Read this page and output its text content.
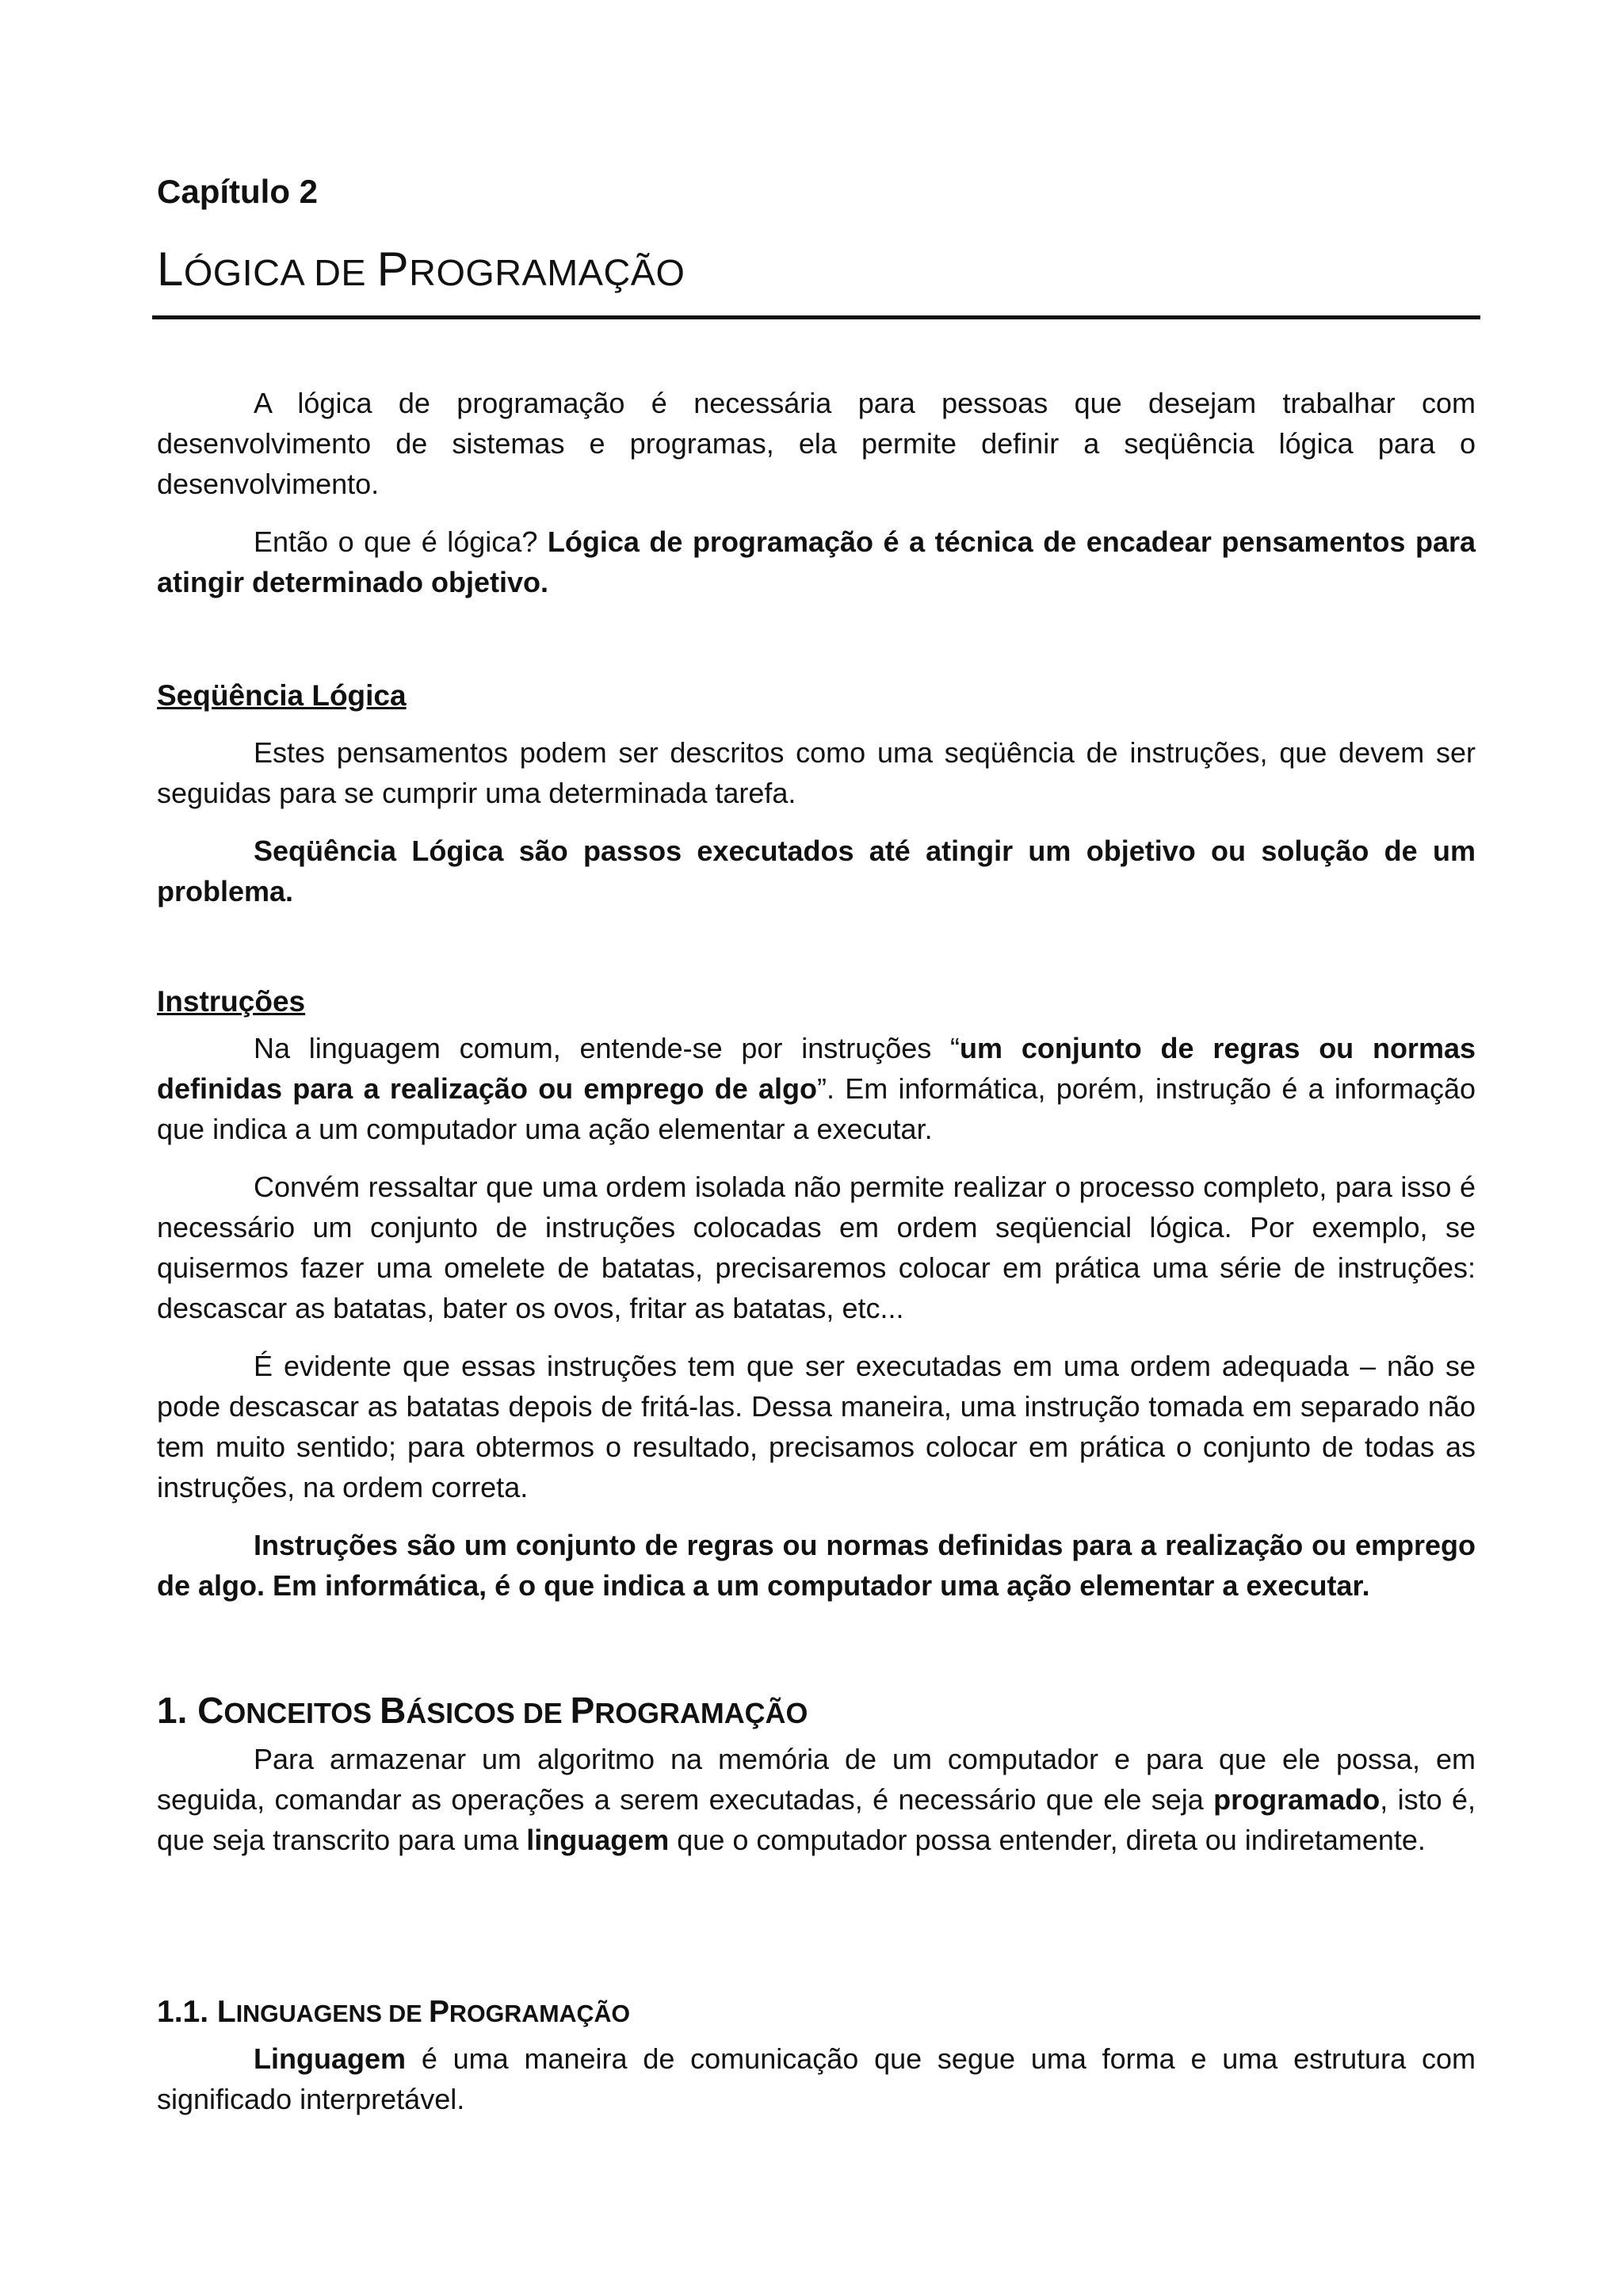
Capítulo 2
LÓGICA DE PROGRAMAÇÃO

A lógica de programação é necessária para pessoas que desejam trabalhar com desenvolvimento de sistemas e programas, ela permite definir a seqüência lógica para o desenvolvimento.

Então o que é lógica? Lógica de programação é a técnica de encadear pensamentos para atingir determinado objetivo.

Seqüência Lógica

Estes pensamentos podem ser descritos como uma seqüência de instruções, que devem ser seguidas para se cumprir uma determinada tarefa.

Seqüência Lógica são passos executados até atingir um objetivo ou solução de um problema.

Instruções

Na linguagem comum, entende-se por instruções “um conjunto de regras ou normas definidas para a realização ou emprego de algo”. Em informática, porém, instrução é a informação que indica a um computador uma ação elementar a executar.

Convém ressaltar que uma ordem isolada não permite realizar o processo completo, para isso é necessário um conjunto de instruções colocadas em ordem seqüencial lógica. Por exemplo, se quisermos fazer uma omelete de batatas, precisaremos colocar em prática uma série de instruções: descascar as batatas, bater os ovos, fritar as batatas, etc...

É evidente que essas instruções tem que ser executadas em uma ordem adequada – não se pode descascar as batatas depois de fritá-las. Dessa maneira, uma instrução tomada em separado não tem muito sentido; para obtermos o resultado, precisamos colocar em prática o conjunto de todas as instruções, na ordem correta.

Instruções são um conjunto de regras ou normas definidas para a realização ou emprego de algo. Em informática, é o que indica a um computador uma ação elementar a executar.

1. CONCEITOS BÁSICOS DE PROGRAMAÇÃO

Para armazenar um algoritmo na memória de um computador e para que ele possa, em seguida, comandar as operações a serem executadas, é necessário que ele seja programado, isto é, que seja transcrito para uma linguagem que o computador possa entender, direta ou indiretamente.

1.1. LINGUAGENS DE PROGRAMAÇÃO

Linguagem é uma maneira de comunicação que segue uma forma e uma estrutura com significado interpretável.
